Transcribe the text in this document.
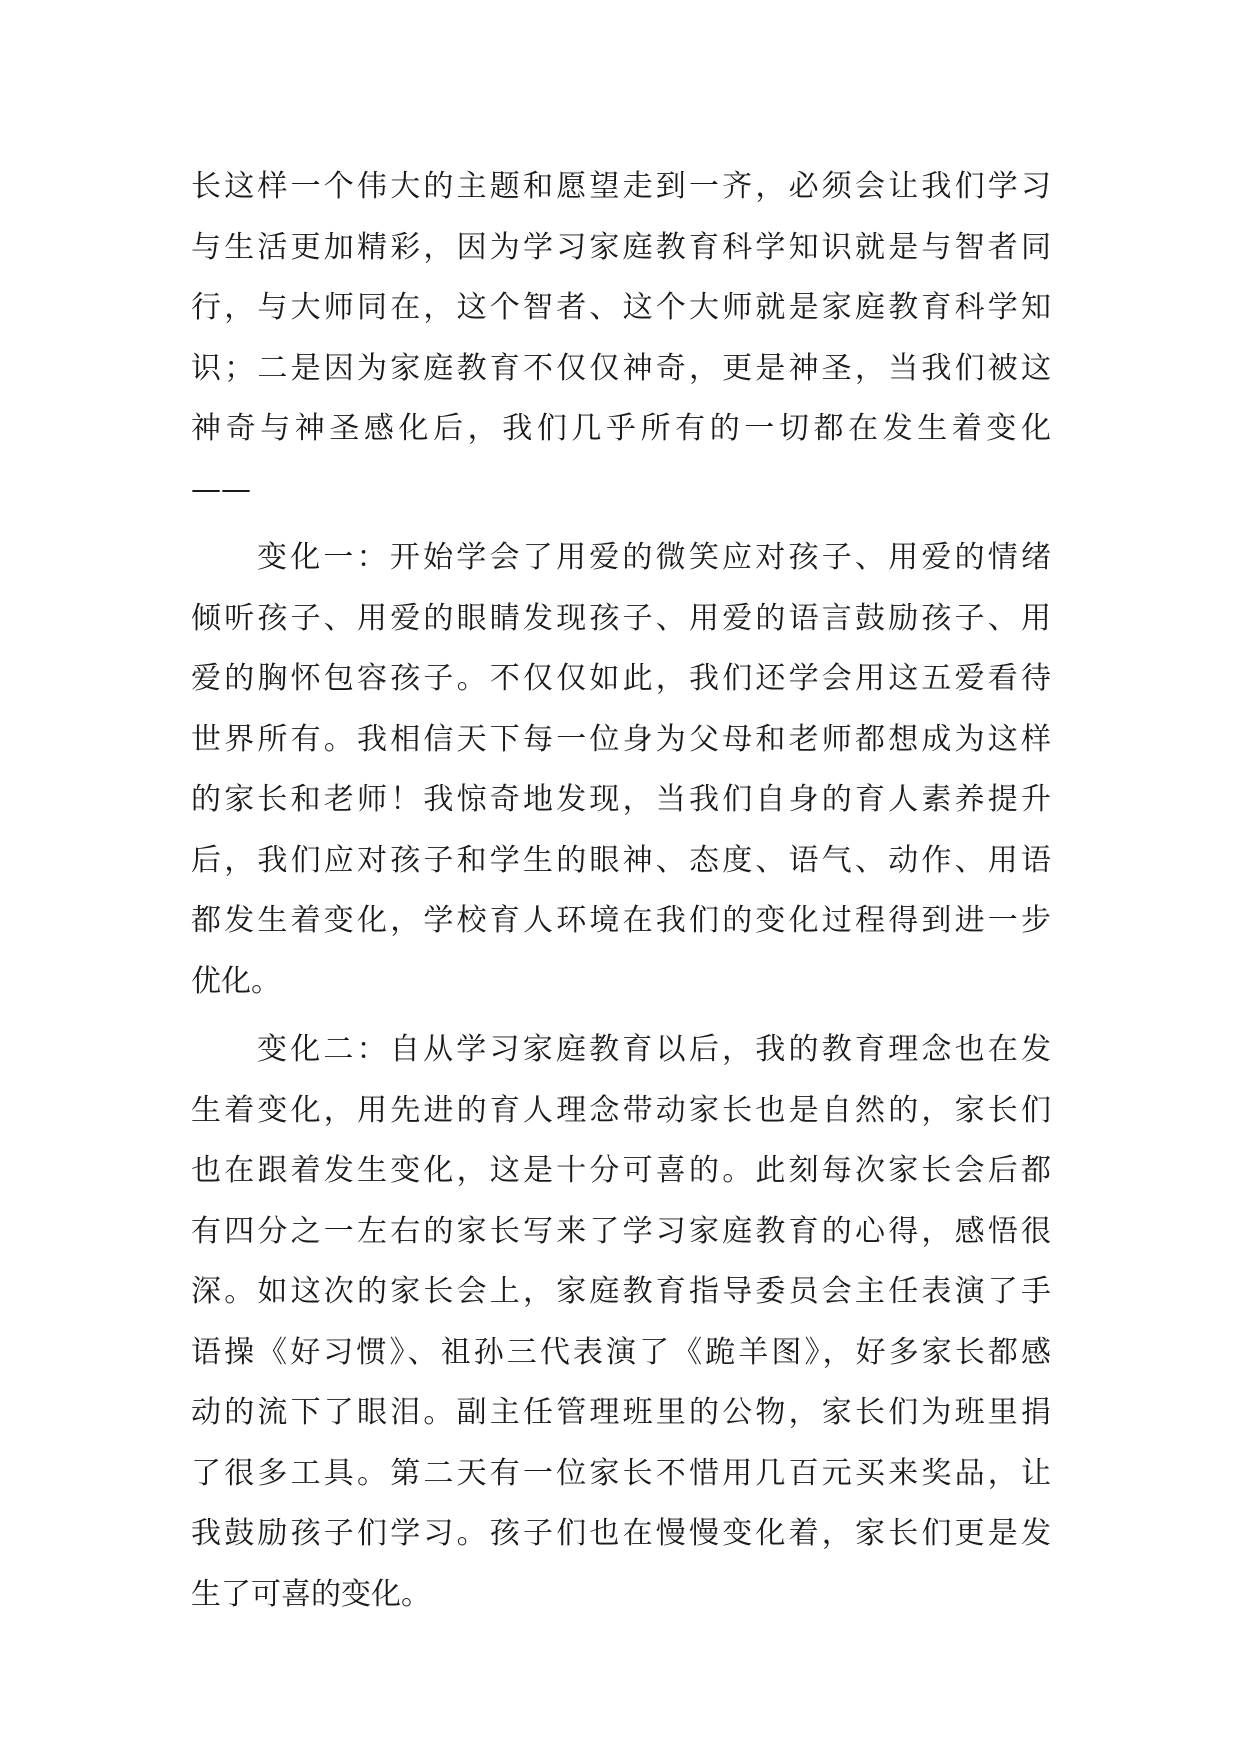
长这样一个伟大的主题和愿望走到一齐，必须会让我们学习
与生活更加精彩，因为学习家庭教育科学知识就是与智者同
行，与大师同在，这个智者、这个大师就是家庭教育科学知
识；二是因为家庭教育不仅仅神奇，更是神圣，当我们被这
神奇与神圣感化后，我们几乎所有的一切都在发生着变化
——
变化一：开始学会了用爱的微笑应对孩子、用爱的情绪
倾听孩子、用爱的眼睛发现孩子、用爱的语言鼓励孩子、用
爱的胸怀包容孩子。不仅仅如此，我们还学会用这五爱看待
世界所有。我相信天下每一位身为父母和老师都想成为这样
的家长和老师！我惊奇地发现，当我们自身的育人素养提升
后，我们应对孩子和学生的眼神、态度、语气、动作、用语
都发生着变化，学校育人环境在我们的变化过程得到进一步
优化。
变化二：自从学习家庭教育以后，我的教育理念也在发
生着变化，用先进的育人理念带动家长也是自然的，家长们
也在跟着发生变化，这是十分可喜的。此刻每次家长会后都
有四分之一左右的家长写来了学习家庭教育的心得，感悟很
深。如这次的家长会上，家庭教育指导委员会主任表演了手
语操《好习惯》、祖孙三代表演了《跪羊图》，好多家长都感
动的流下了眼泪。副主任管理班里的公物，家长们为班里捐
了很多工具。第二天有一位家长不惜用几百元买来奖品，让
我鼓励孩子们学习。孩子们也在慢慢变化着，家长们更是发
生了可喜的变化。
